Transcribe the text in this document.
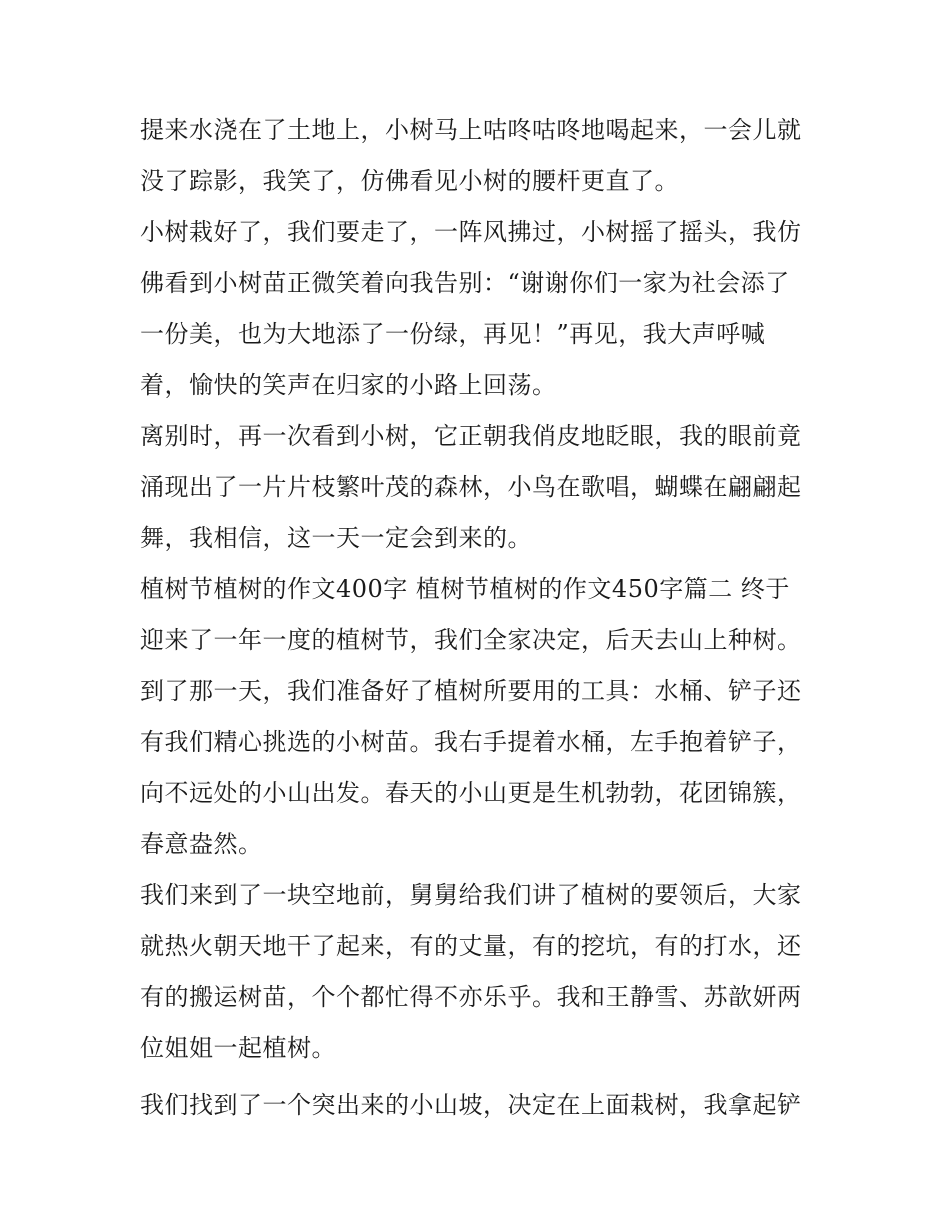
提来水浇在了土地上，小树马上咕咚咕咚地喝起来，一会儿就
没了踪影，我笑了，仿佛看见小树的腰杆更直了。
小树栽好了，我们要走了，一阵风拂过，小树摇了摇头，我仿
佛看到小树苗正微笑着向我告别：“谢谢你们一家为社会添了
一份美，也为大地添了一份绿，再见！”再见，我大声呼喊
着，愉快的笑声在归家的小路上回荡。
离别时，再一次看到小树，它正朝我俏皮地眨眼，我的眼前竟
涌现出了一片片枝繁叶茂的森林，小鸟在歌唱，蝴蝶在翩翩起
舞，我相信，这一天一定会到来的。
植树节植树的作文400字 植树节植树的作文450字篇二 终于
迎来了一年一度的植树节，我们全家决定，后天去山上种树。
到了那一天，我们准备好了植树所要用的工具：水桶、铲子还
有我们精心挑选的小树苗。我右手提着水桶，左手抱着铲子，
向不远处的小山出发。春天的小山更是生机勃勃，花团锦簇，
春意盎然。
我们来到了一块空地前，舅舅给我们讲了植树的要领后，大家
就热火朝天地干了起来，有的丈量，有的挖坑，有的打水，还
有的搬运树苗，个个都忙得不亦乐乎。我和王静雪、苏歆妍两
位姐姐一起植树。
我们找到了一个突出来的小山坡，决定在上面栽树，我拿起铲
